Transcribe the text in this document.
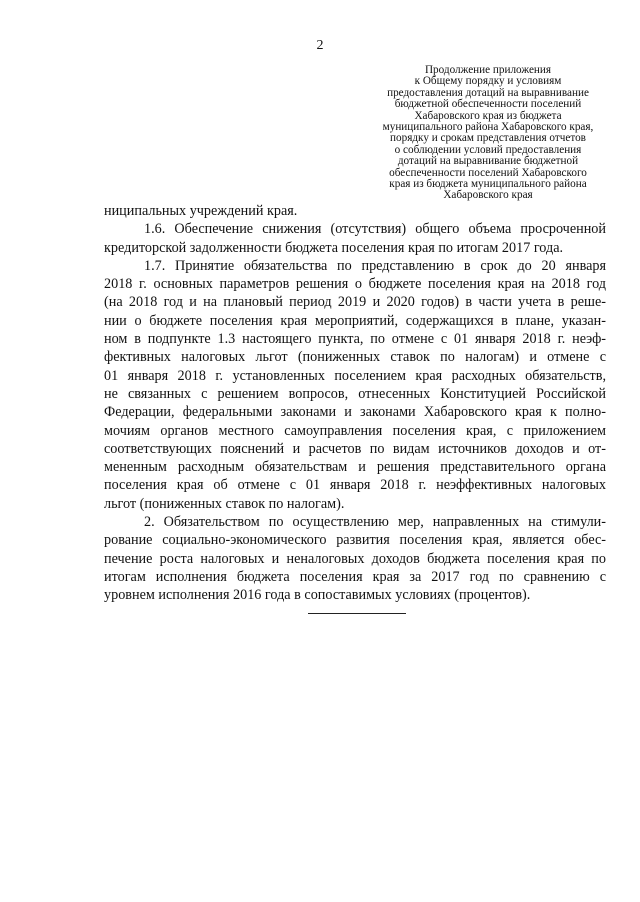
2
Продолжение приложения
к Общему порядку и условиям
предоставления дотаций на выравнивание
бюджетной обеспеченности поселений
Хабаровского края из бюджета
муниципального района Хабаровского края,
порядку и срокам представления отчетов
о соблюдении условий предоставления
дотаций на выравнивание бюджетной
обеспеченности поселений Хабаровского
края из бюджета муниципального района
Хабаровского края
ниципальных учреждений края.
1.6. Обеспечение снижения (отсутствия) общего объема просроченной
кредиторской задолженности бюджета поселения края по итогам 2017 года.
1.7. Принятие обязательства по представлению в срок до 20 января
2018 г. основных параметров решения о бюджете поселения края на 2018 год
(на 2018 год и на плановый период 2019 и 2020 годов) в части учета в реше-
нии о бюджете поселения края мероприятий, содержащихся в плане, указан-
ном в подпункте 1.3 настоящего пункта, по отмене с 01 января 2018 г. неэф-
фективных налоговых льгот (пониженных ставок по налогам) и отмене с
01 января 2018 г. установленных поселением края расходных обязательств,
не связанных с решением вопросов, отнесенных Конституцией Российской
Федерации, федеральными законами и законами Хабаровского края к полно-
мочиям органов местного самоуправления поселения края, с приложением
соответствующих пояснений и расчетов по видам источников доходов и от-
мененным расходным обязательствам и решения представительного органа
поселения края об отмене с 01 января 2018 г. неэффективных налоговых
льгот (пониженных ставок по налогам).
2. Обязательством по осуществлению мер, направленных на стимули-
рование социально-экономического развития поселения края, является обес-
печение роста налоговых и неналоговых доходов бюджета поселения края по
итогам исполнения бюджета поселения края за 2017 год по сравнению с
уровнем исполнения 2016 года в сопоставимых условиях (процентов).
